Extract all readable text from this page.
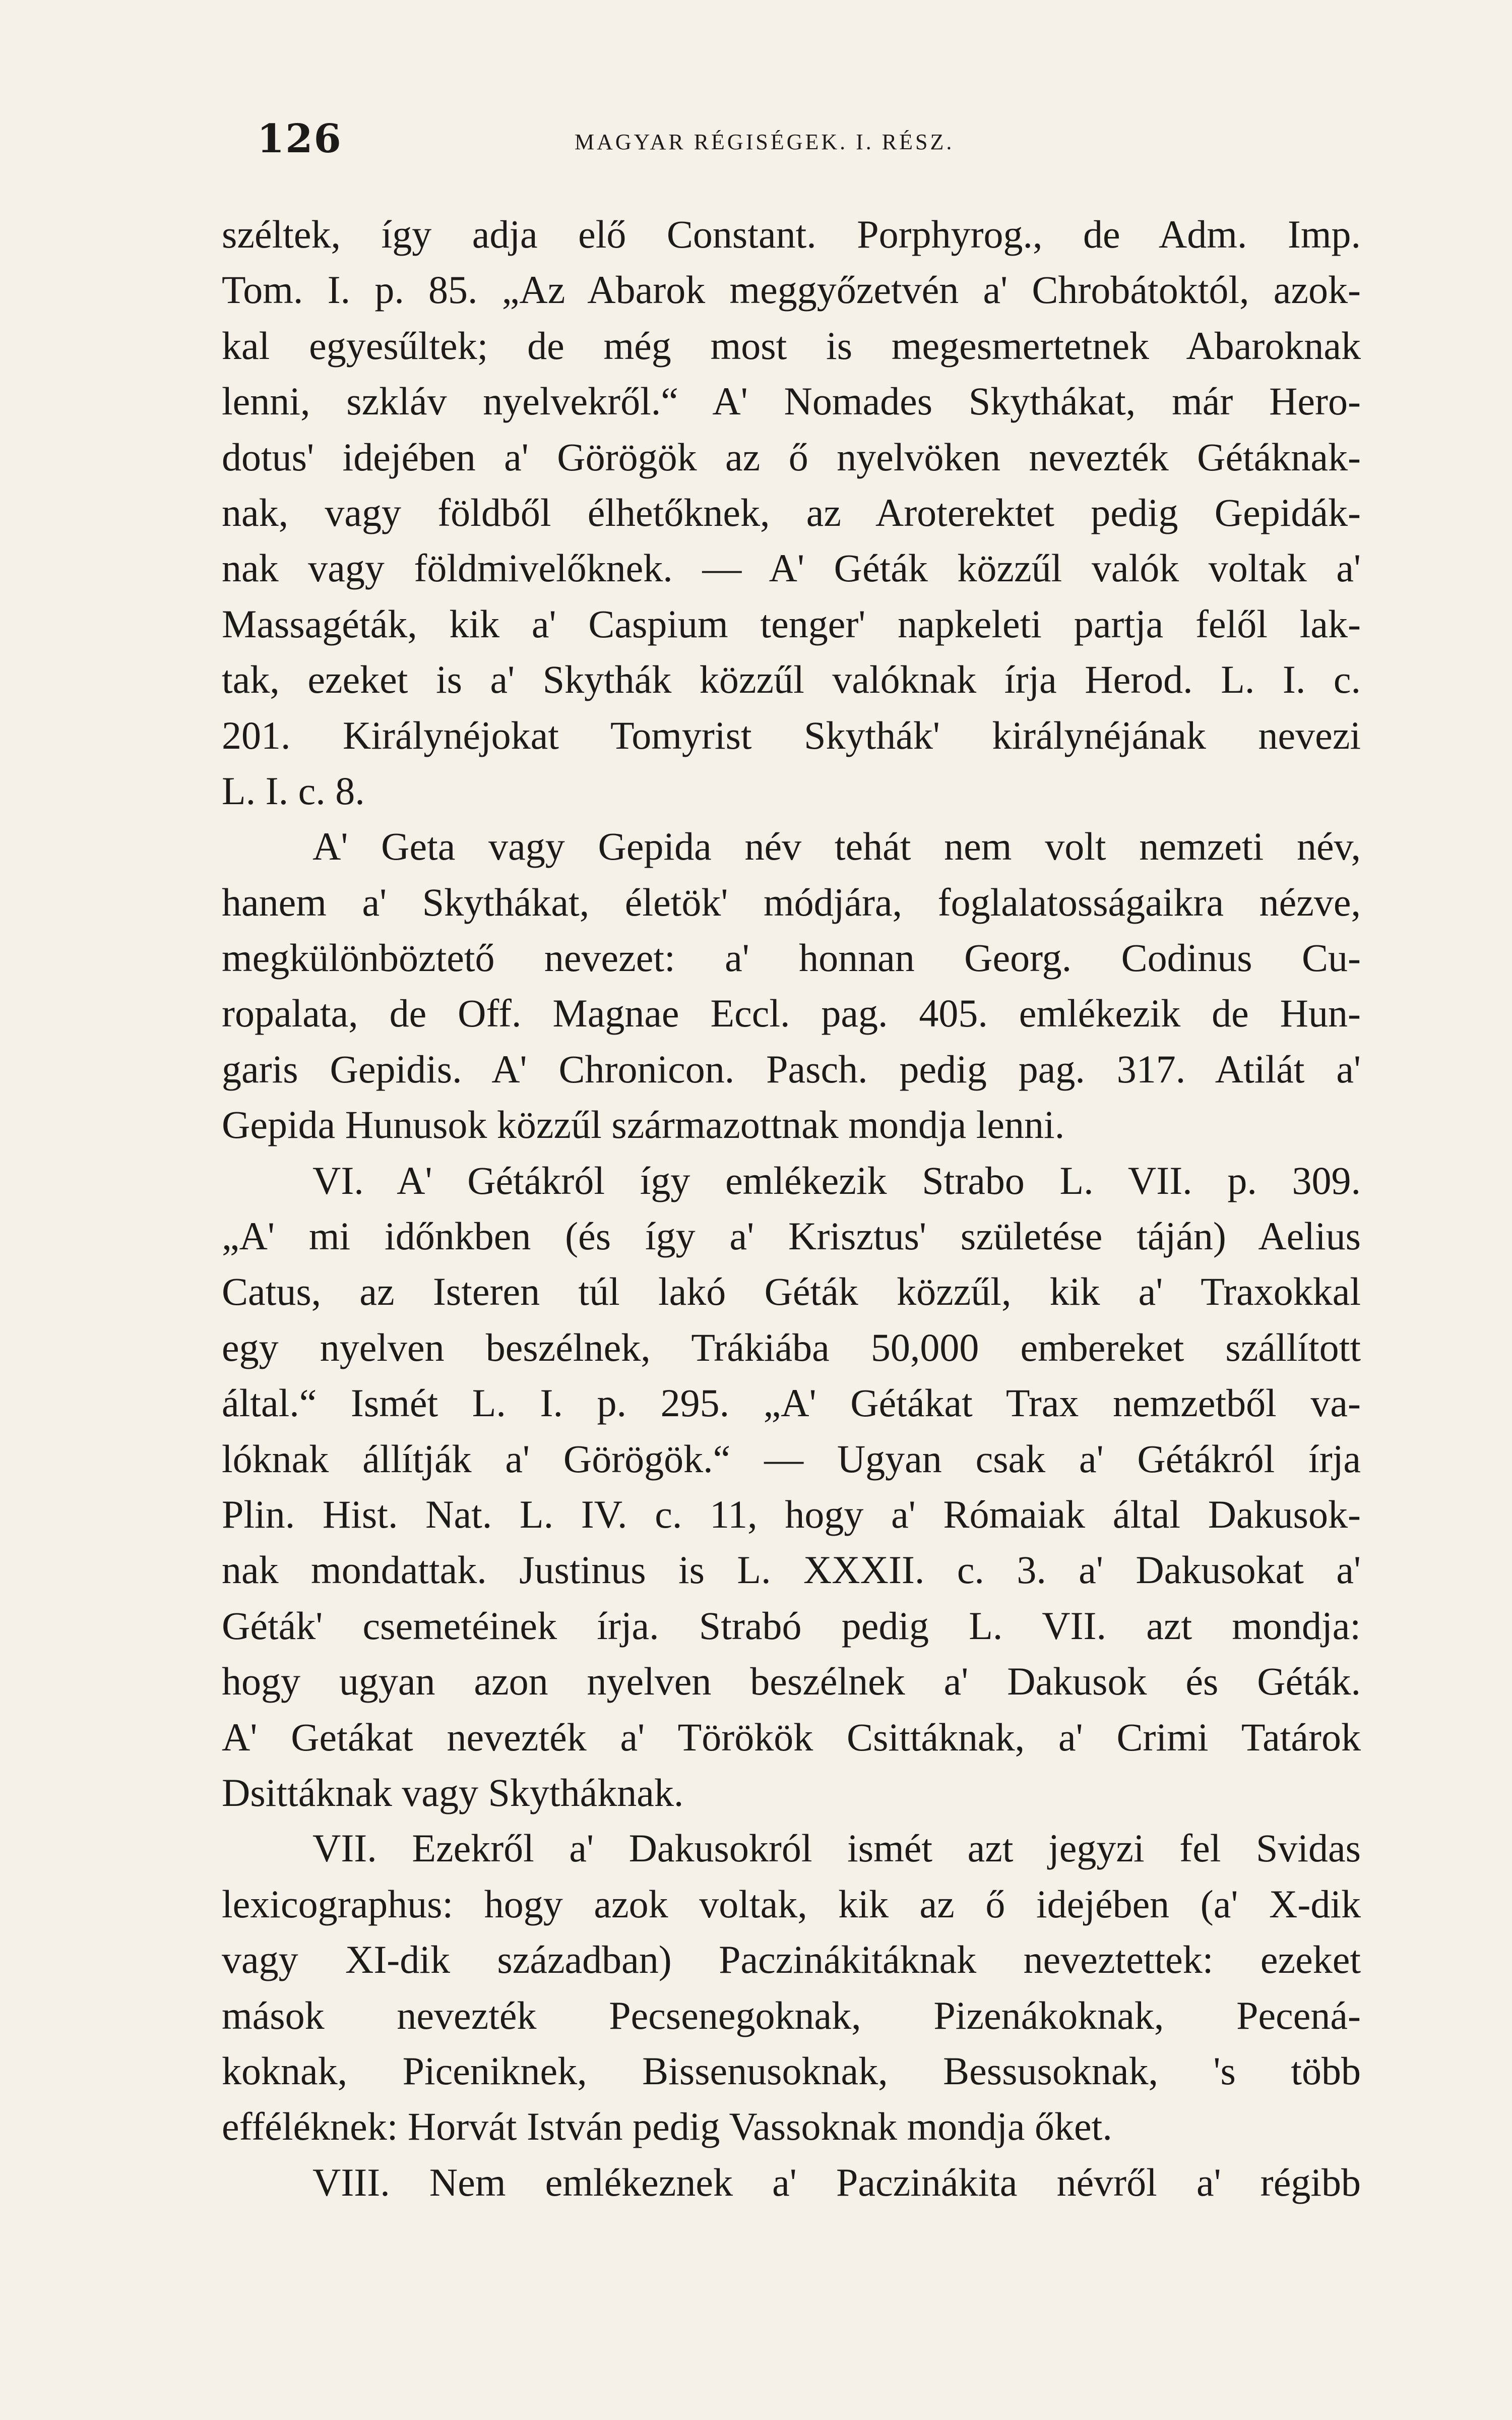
126	MAGYAR RÉGISÉGEK. I. RÉSZ.
széltek, így adja elő Constant. Porphyrog., de Adm. Imp.
Tom. I. p. 85. „Az Abarok meggyőzetvén a' Chrobátoktól, azok-
kal egyesűltek; de még most is megesmertetnek Abaroknak
lenni, szkláv nyelvekről.“ A' Nomades Skythákat, már Hero-
dotus' idejében a' Görögök az ő nyelvöken nevezték Gétáknak-
nak, vagy földből élhetőknek, az Aroterektet pedig Gepidák-
nak vagy földmivelőknek. — A' Géták közzűl valók voltak a'
Massagéták, kik a' Caspium tenger' napkeleti partja felől lak-
tak, ezeket is a' Skythák közzűl valóknak írja Herod. L. I. c.
201. Királynéjokat Tomyrist Skythák' királynéjának nevezi
L. I. c. 8.
A' Geta vagy Gepida név tehát nem volt nemzeti név,
hanem a' Skythákat, életök' módjára, foglalatosságaikra nézve,
megkülönböztető nevezet: a' honnan Georg. Codinus Cu-
ropalata, de Off. Magnae Eccl. pag. 405. emlékezik de Hun-
garis Gepidis. A' Chronicon. Pasch. pedig pag. 317. Atilát a'
Gepida Hunusok közzűl származottnak mondja lenni.
VI. A' Gétákról így emlékezik Strabo L. VII. p. 309.
„A' mi időnkben (és így a' Krisztus' születése táján) Aelius
Catus, az Isteren túl lakó Géták közzűl, kik a' Traxokkal
egy nyelven beszélnek, Trákiába 50,000 embereket szállított
által.“ Ismét L. I. p. 295. „A' Gétákat Trax nemzetből va-
lóknak állítják a' Görögök.“ — Ugyan csak a' Gétákról írja
Plin. Hist. Nat. L. IV. c. 11, hogy a' Rómaiak által Dakusok-
nak mondattak. Justinus is L. XXXII. c. 3. a' Dakusokat a'
Géták' csemetéinek írja. Strabó pedig L. VII. azt mondja:
hogy ugyan azon nyelven beszélnek a' Dakusok és Géták.
A' Getákat nevezték a' Törökök Csittáknak, a' Crimi Tatárok
Dsittáknak vagy Skytháknak.
VII. Ezekről a' Dakusokról ismét azt jegyzi fel Svidas
lexicographus: hogy azok voltak, kik az ő idejében (a' X-dik
vagy XI-dik században) Paczinákitáknak neveztettek: ezeket
mások nevezték Pecsenegoknak, Pizenákoknak, Pecená-
koknak, Piceniknek, Bissenusoknak, Bessusoknak, 's több
efféléknek: Horvát István pedig Vassoknak mondja őket.
VIII. Nem emlékeznek a' Paczinákita névről a' régibb
